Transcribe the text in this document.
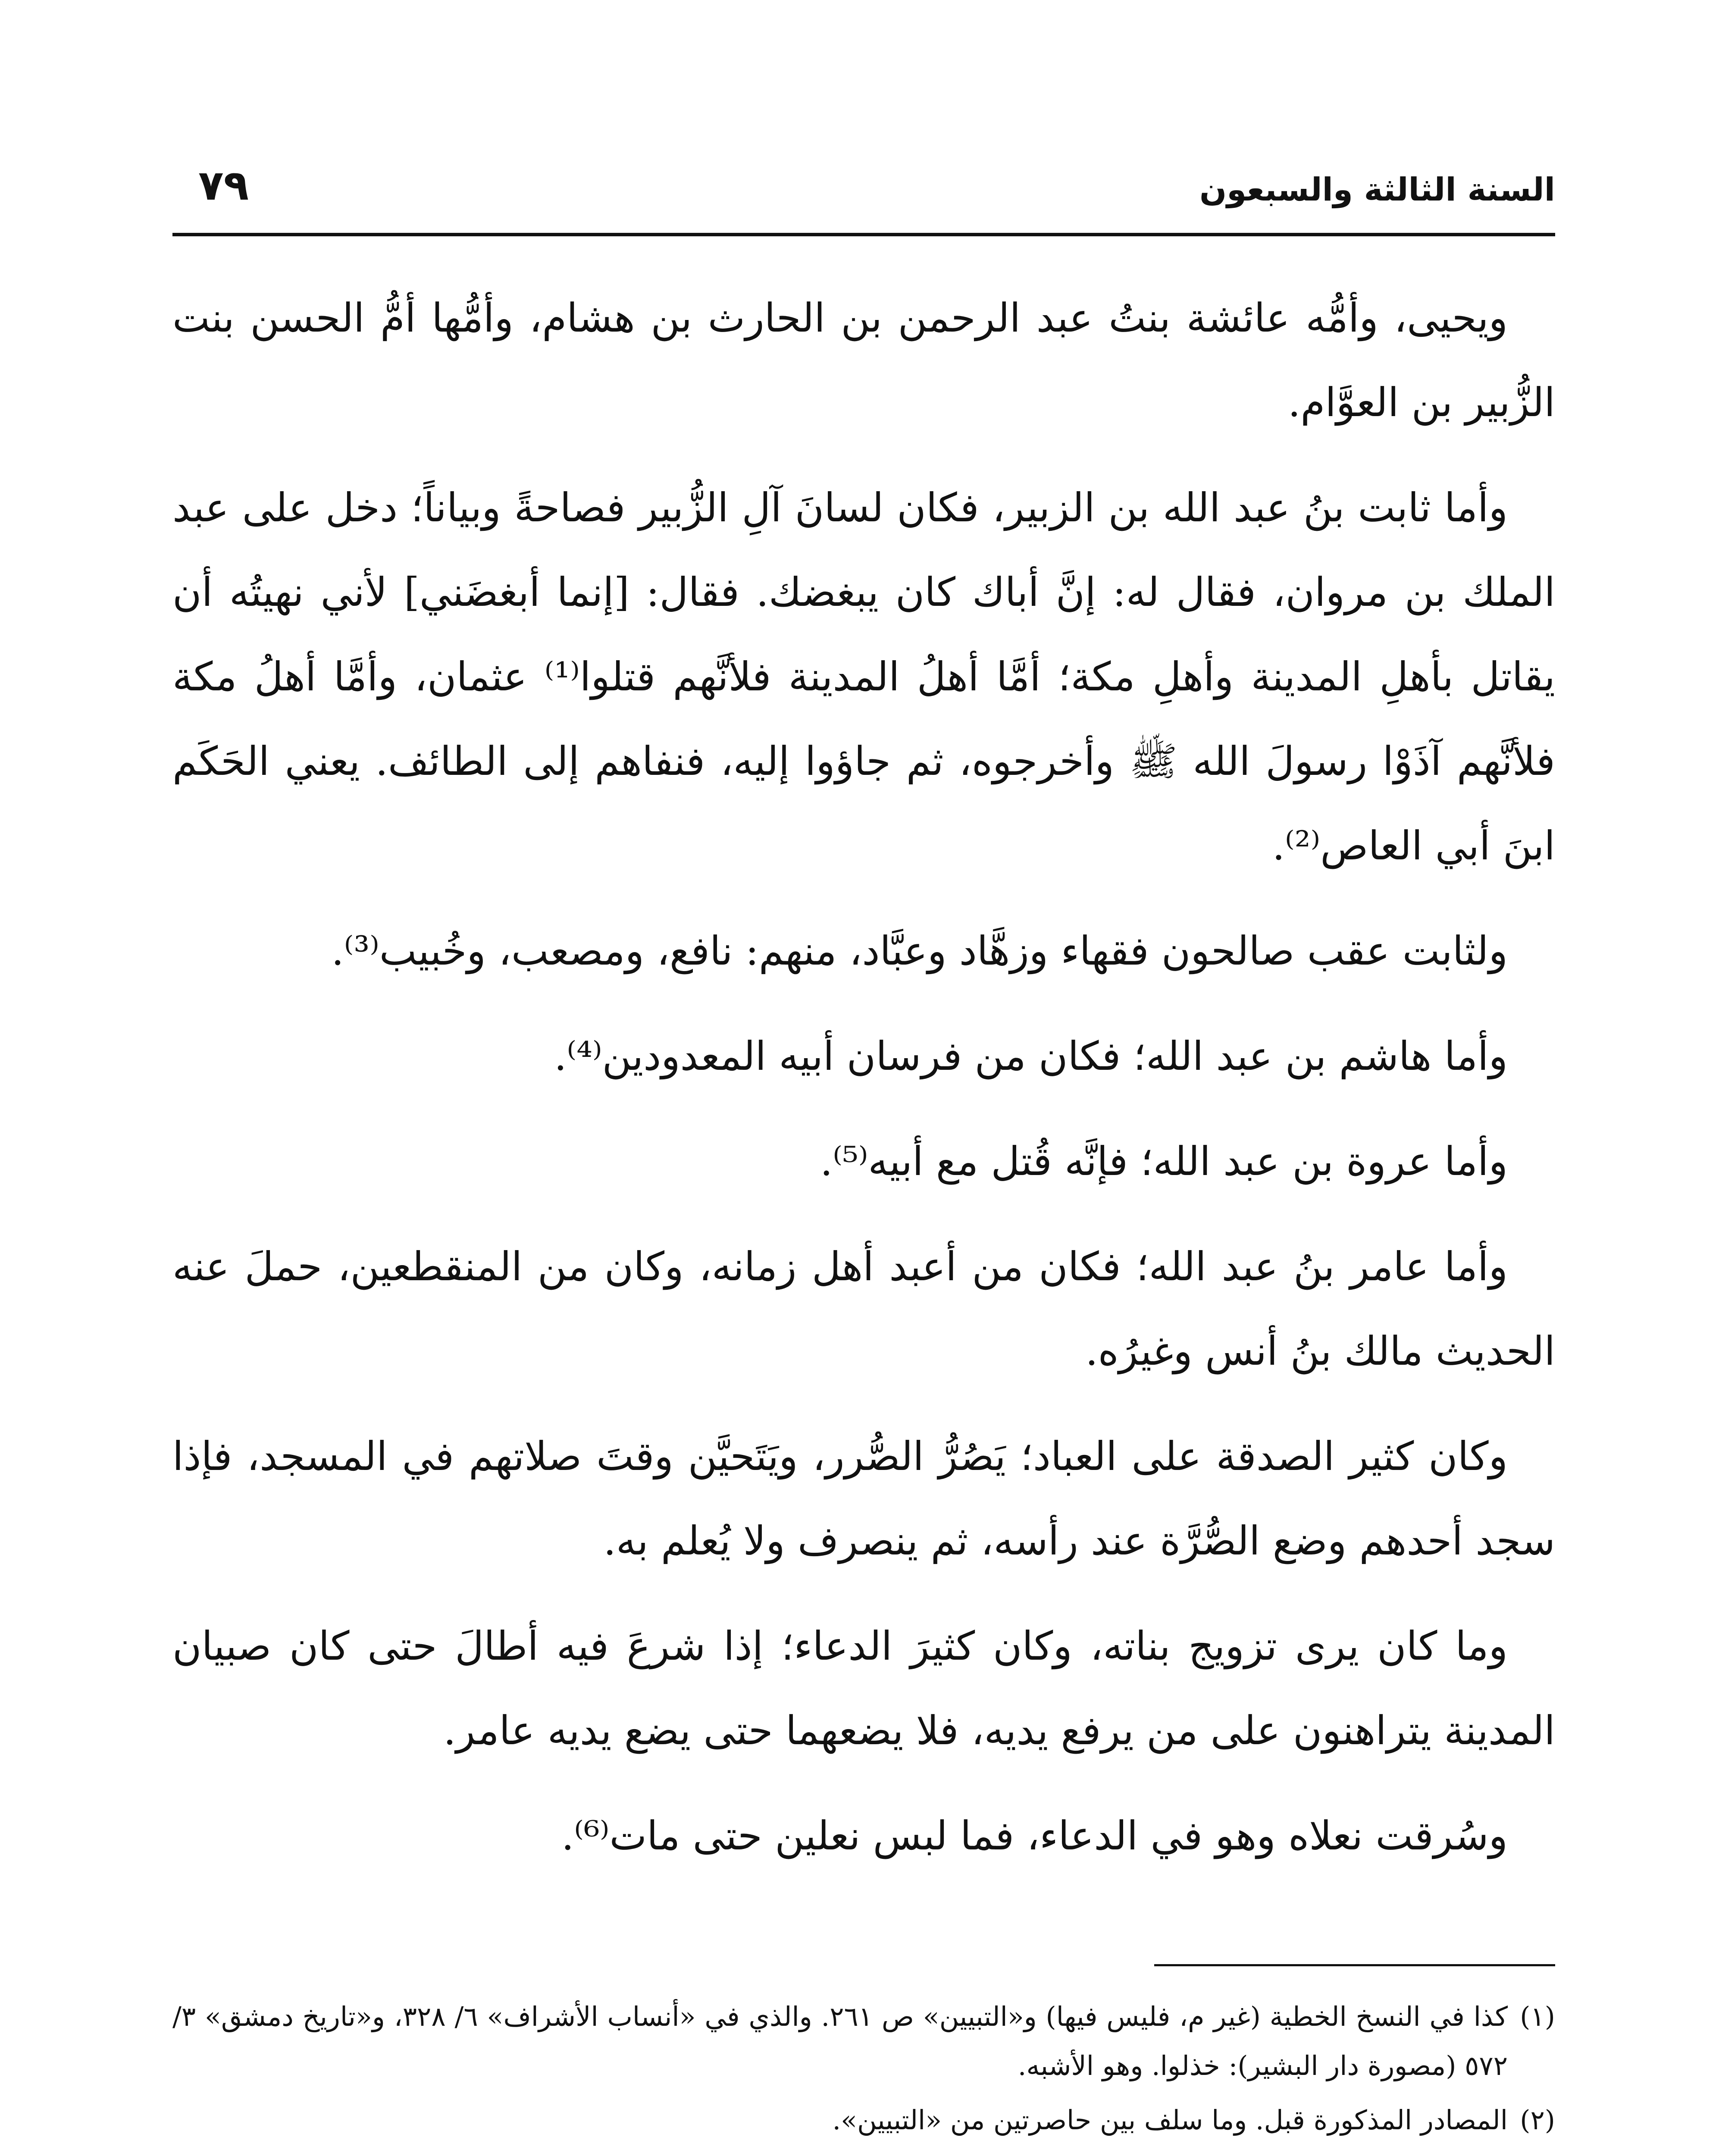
السنة الثالثة والسبعون
٧٩

ويحيى، وأمُّه عائشة بنتُ عبد الرحمن بن الحارث بن هشام، وأمُّها أمُّ الحسن بنت الزُّبير بن العوَّام.

وأما ثابت بنُ عبد الله بن الزبير، فكان لسانَ آلِ الزُّبير فصاحةً وبياناً؛ دخل على عبد الملك بن مروان، فقال له: إنَّ أباك كان يبغضك. فقال: [إنما أبغضَني] لأني نهيتُه أن يقاتل بأهلِ المدينة وأهلِ مكة؛ أمَّا أهلُ المدينة فلأنَّهم قتلوا⁽¹⁾ عثمان، وأمَّا أهلُ مكة فلأنَّهم آذَوْا رسولَ الله ﷺ وأخرجوه، ثم جاؤوا إليه، فنفاهم إلى الطائف. يعني الحَكَم ابنَ أبي العاص⁽²⁾.

ولثابت عقب صالحون فقهاء وزهَّاد وعبَّاد، منهم: نافع، ومصعب، وخُبيب⁽³⁾.

وأما هاشم بن عبد الله؛ فكان من فرسان أبيه المعدودين⁽⁴⁾.

وأما عروة بن عبد الله؛ فإنَّه قُتل مع أبيه⁽⁵⁾.

وأما عامر بنُ عبد الله؛ فكان من أعبد أهل زمانه، وكان من المنقطعين، حملَ عنه الحديث مالك بنُ أنس وغيرُه.

وكان كثير الصدقة على العباد؛ يَصُرُّ الصُّرر، ويَتَحيَّن وقتَ صلاتهم في المسجد، فإذا سجد أحدهم وضع الصُّرَّة عند رأسه، ثم ينصرف ولا يُعلم به.

وما كان يرى تزويج بناته، وكان كثيرَ الدعاء؛ إذا شرعَ فيه أطالَ حتى كان صبيان المدينة يتراهنون على من يرفع يديه، فلا يضعهما حتى يضع يديه عامر.

وسُرقت نعلاه وهو في الدعاء، فما لبس نعلين حتى مات⁽⁶⁾.

(١)كذا في النسخ الخطية (غير م، فليس فيها) و«التبيين» ص ٢٦١. والذي في «أنساب الأشراف» ٦/ ٣٢٨، و«تاريخ دمشق» ٣/ ٥٧٢ (مصورة دار البشير): خذلوا. وهو الأشبه.
(٢)المصادر المذكورة قبل. وما سلف بين حاصرتين من «التبيين».
